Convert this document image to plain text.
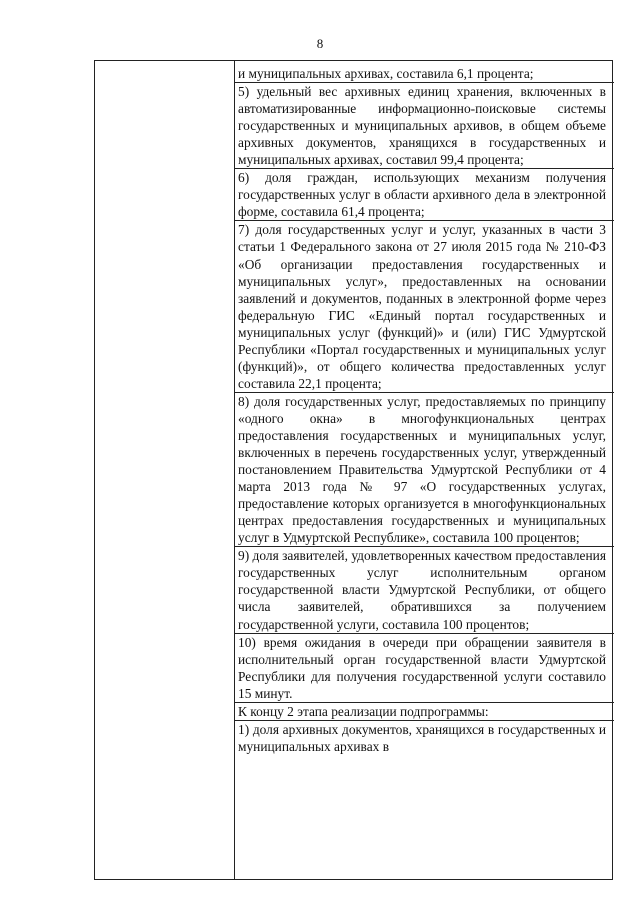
8

и муниципальных архивах, составила 6,1 процента;

5) удельный вес архивных единиц хранения, включенных в автоматизированные информационно-поисковые системы государственных и муниципальных архивов, в общем объеме архивных документов, хранящихся в государственных и муниципальных архивах, составил 99,4 процента;

6) доля граждан, использующих механизм получения государственных услуг в области архивного дела в электронной форме, составила 61,4 процента;

7) доля государственных услуг и услуг, указанных в части 3 статьи 1 Федерального закона от 27 июля 2015 года № 210-ФЗ «Об организации предоставления государственных и муниципальных услуг», предоставленных на основании заявлений и документов, поданных в электронной форме через федеральную ГИС «Единый портал государственных и муниципальных услуг (функций)» и (или) ГИС Удмуртской Республики «Портал государственных и муниципальных услуг (функций)», от общего количества предоставленных услуг составила 22,1 процента;

8) доля государственных услуг, предоставляемых по принципу «одного окна» в многофункциональных центрах предоставления государственных и муниципальных услуг, включенных в перечень государственных услуг, утвержденный постановлением Правительства Удмуртской Республики от 4 марта 2013 года № 97 «О государственных услугах, предоставление которых организуется в многофункциональных центрах предоставления государственных и муниципальных услуг в Удмуртской Республике», составила 100 процентов;

9) доля заявителей, удовлетворенных качеством предоставления государственных услуг исполнительным органом государственной власти Удмуртской Республики, от общего числа заявителей, обратившихся за получением государственной услуги, составила 100 процентов;

10) время ожидания в очереди при обращении заявителя в исполнительный орган государственной власти Удмуртской Республики для получения государственной услуги составило 15 минут.

К концу 2 этапа реализации подпрограммы:

1) доля архивных документов, хранящихся в государственных и муниципальных архивах в
